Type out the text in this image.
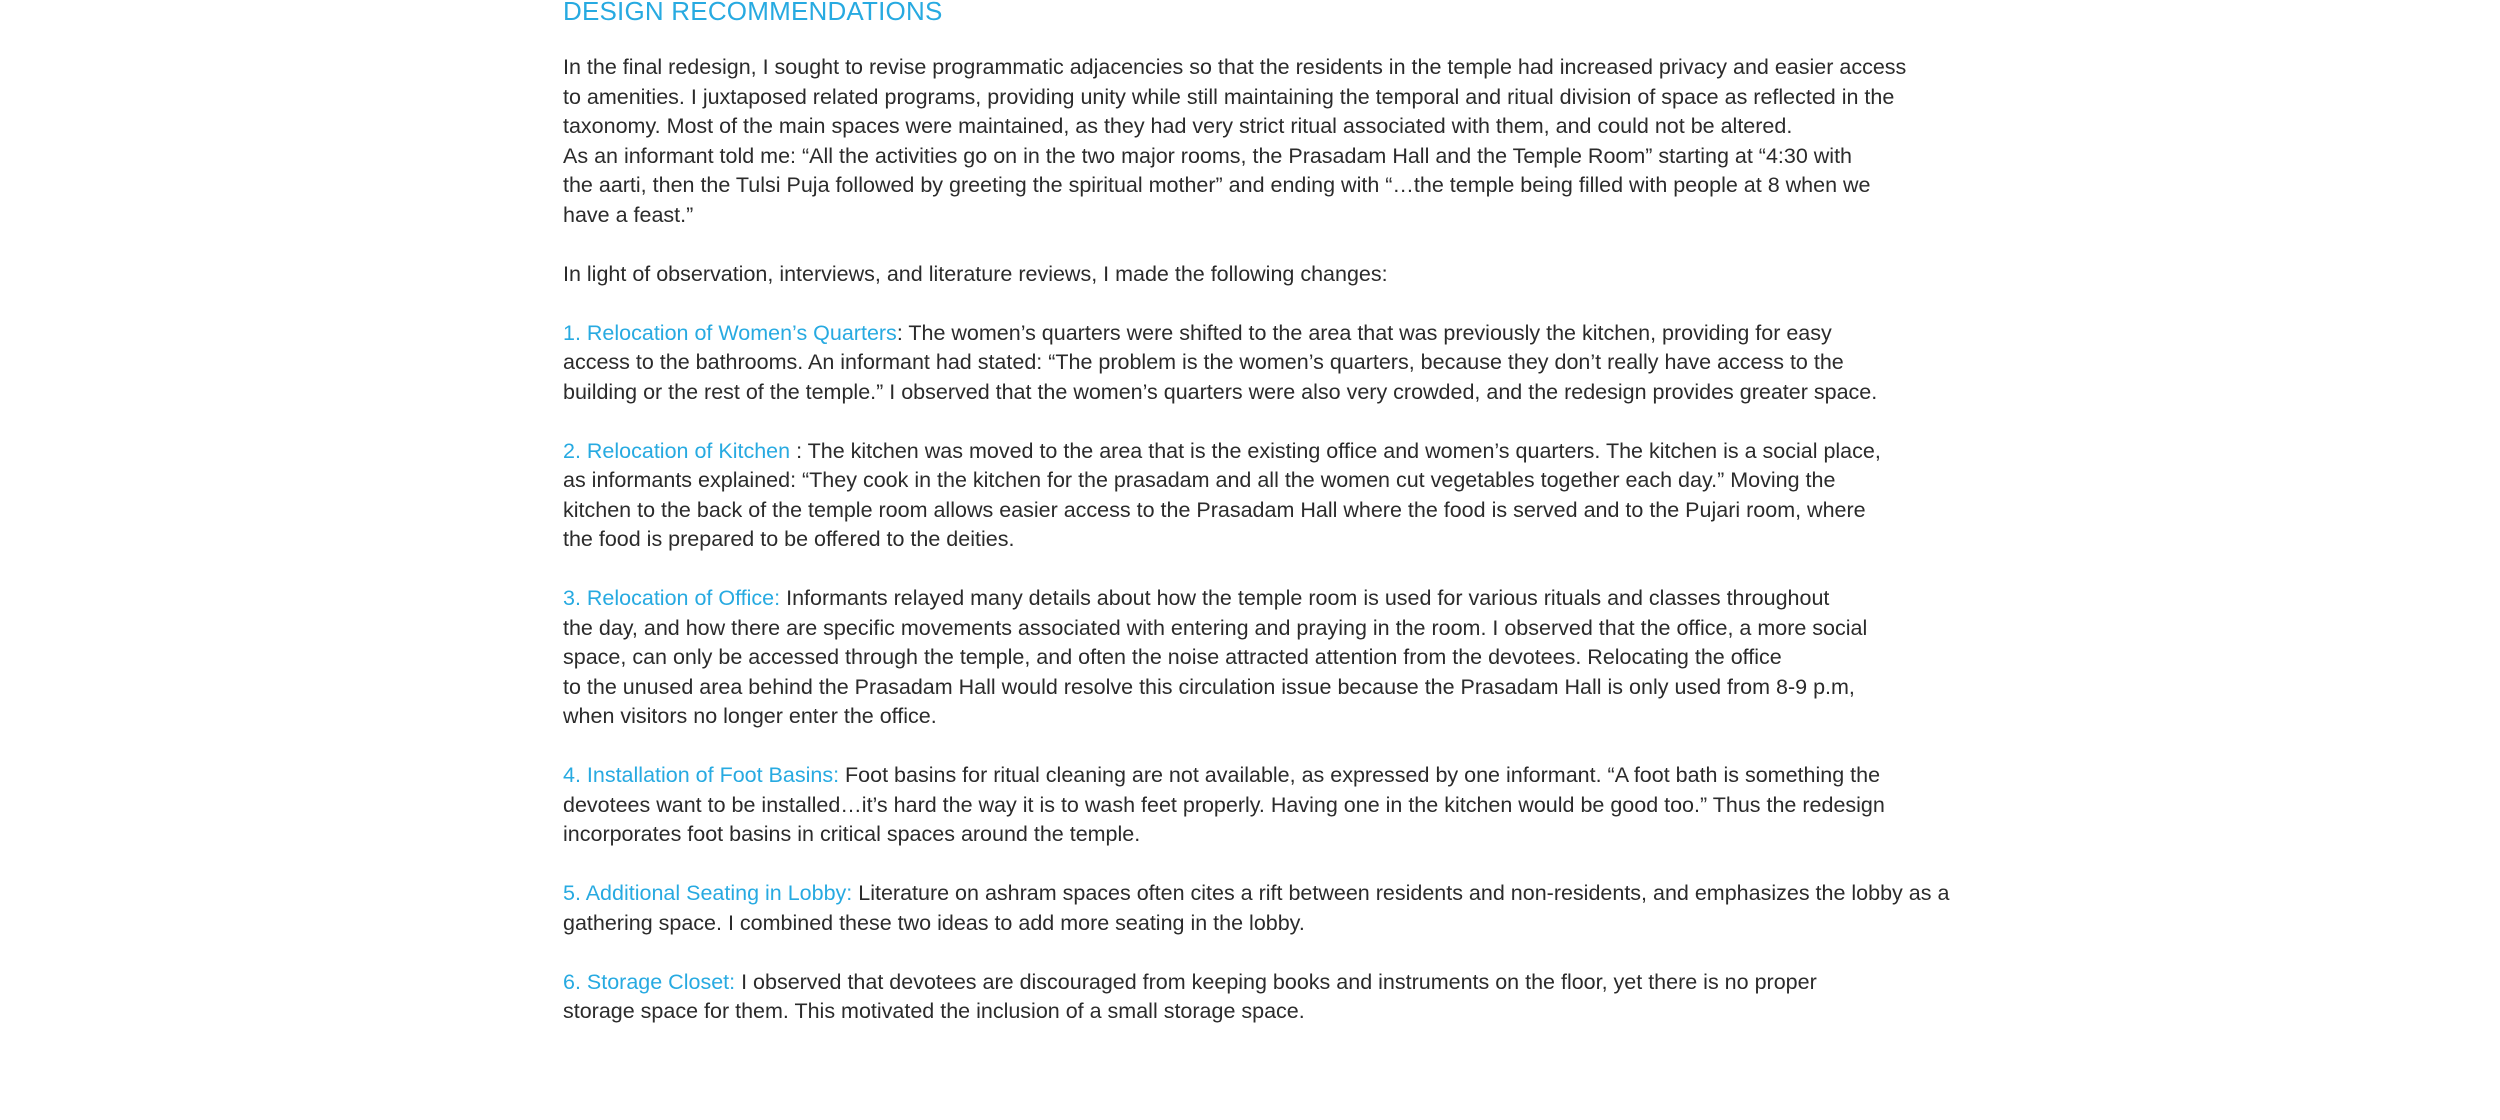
DESIGN RECOMMENDATIONS

In the final redesign, I sought to revise programmatic adjacencies so that the residents in the temple had increased privacy and easier access
to amenities. I juxtaposed related programs, providing unity while still maintaining the temporal and ritual division of space as reflected in the
taxonomy. Most of the main spaces were maintained, as they had very strict ritual associated with them, and could not be altered.
As an informant told me: “All the activities go on in the two major rooms, the Prasadam Hall and the Temple Room” starting at “4:30 with
the aarti, then the Tulsi Puja followed by greeting the spiritual mother” and ending with “…the temple being filled with people at 8 when we
have a feast.”

In light of observation, interviews, and literature reviews, I made the following changes:

1. Relocation of Women’s Quarters: The women’s quarters were shifted to the area that was previously the kitchen, providing for easy
access to the bathrooms. An informant had stated: “The problem is the women’s quarters, because they don’t really have access to the
building or the rest of the temple.” I observed that the women’s quarters were also very crowded, and the redesign provides greater space.

2. Relocation of Kitchen : The kitchen was moved to the area that is the existing office and women’s quarters. The kitchen is a social place,
as informants explained: “They cook in the kitchen for the prasadam and all the women cut vegetables together each day.” Moving the
kitchen to the back of the temple room allows easier access to the Prasadam Hall where the food is served and to the Pujari room, where
the food is prepared to be offered to the deities.

3. Relocation of Office: Informants relayed many details about how the temple room is used for various rituals and classes throughout
the day, and how there are specific movements associated with entering and praying in the room. I observed that the office, a more social
space, can only be accessed through the temple, and often the noise attracted attention from the devotees. Relocating the office
to the unused area behind the Prasadam Hall would resolve this circulation issue because the Prasadam Hall is only used from 8-9 p.m,
when visitors no longer enter the office.

4. Installation of Foot Basins: Foot basins for ritual cleaning are not available, as expressed by one informant. “A foot bath is something the
devotees want to be installed…it’s hard the way it is to wash feet properly. Having one in the kitchen would be good too.” Thus the redesign
incorporates foot basins in critical spaces around the temple.

5. Additional Seating in Lobby: Literature on ashram spaces often cites a rift between residents and non-residents, and emphasizes the lobby as a
gathering space. I combined these two ideas to add more seating in the lobby.

6. Storage Closet: I observed that devotees are discouraged from keeping books and instruments on the floor, yet there is no proper
storage space for them. This motivated the inclusion of a small storage space.
